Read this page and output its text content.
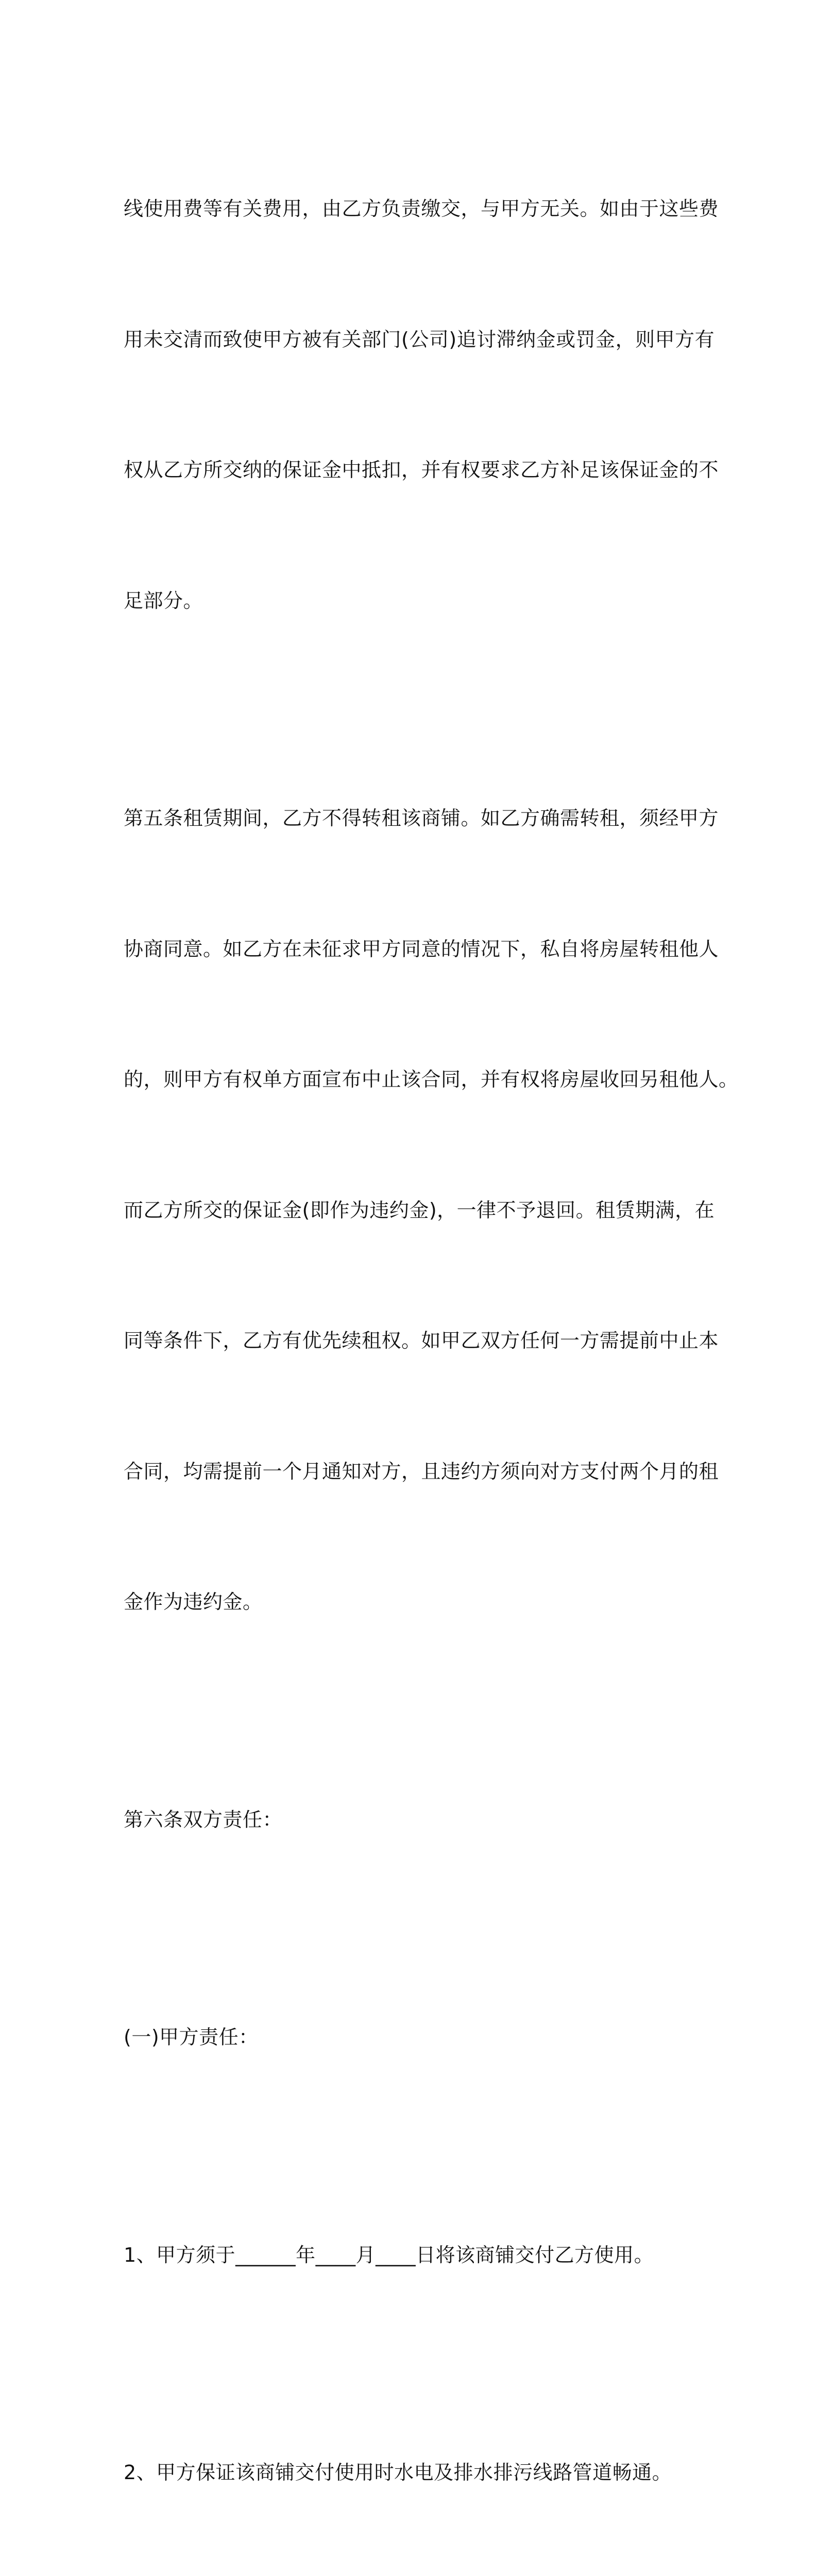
线使用费等有关费用，由乙方负责缴交，与甲方无关。如由于这些费

用未交清而致使甲方被有关部门(公司)追讨滞纳金或罚金，则甲方有

权从乙方所交纳的保证金中抵扣，并有权要求乙方补足该保证金的不

足部分。

第五条租赁期间，乙方不得转租该商铺。如乙方确需转租，须经甲方

协商同意。如乙方在未征求甲方同意的情况下，私自将房屋转租他人

的，则甲方有权单方面宣布中止该合同，并有权将房屋收回另租他人。

而乙方所交的保证金(即作为违约金)，一律不予退回。租赁期满，在

同等条件下，乙方有优先续租权。如甲乙双方任何一方需提前中止本

合同，均需提前一个月通知对方，且违约方须向对方支付两个月的租

金作为违约金。

第六条双方责任：

(一)甲方责任：

1、甲方须于______年____月____日将该商铺交付乙方使用。

2、甲方保证该商铺交付使用时水电及排水排污线路管道畅通。
